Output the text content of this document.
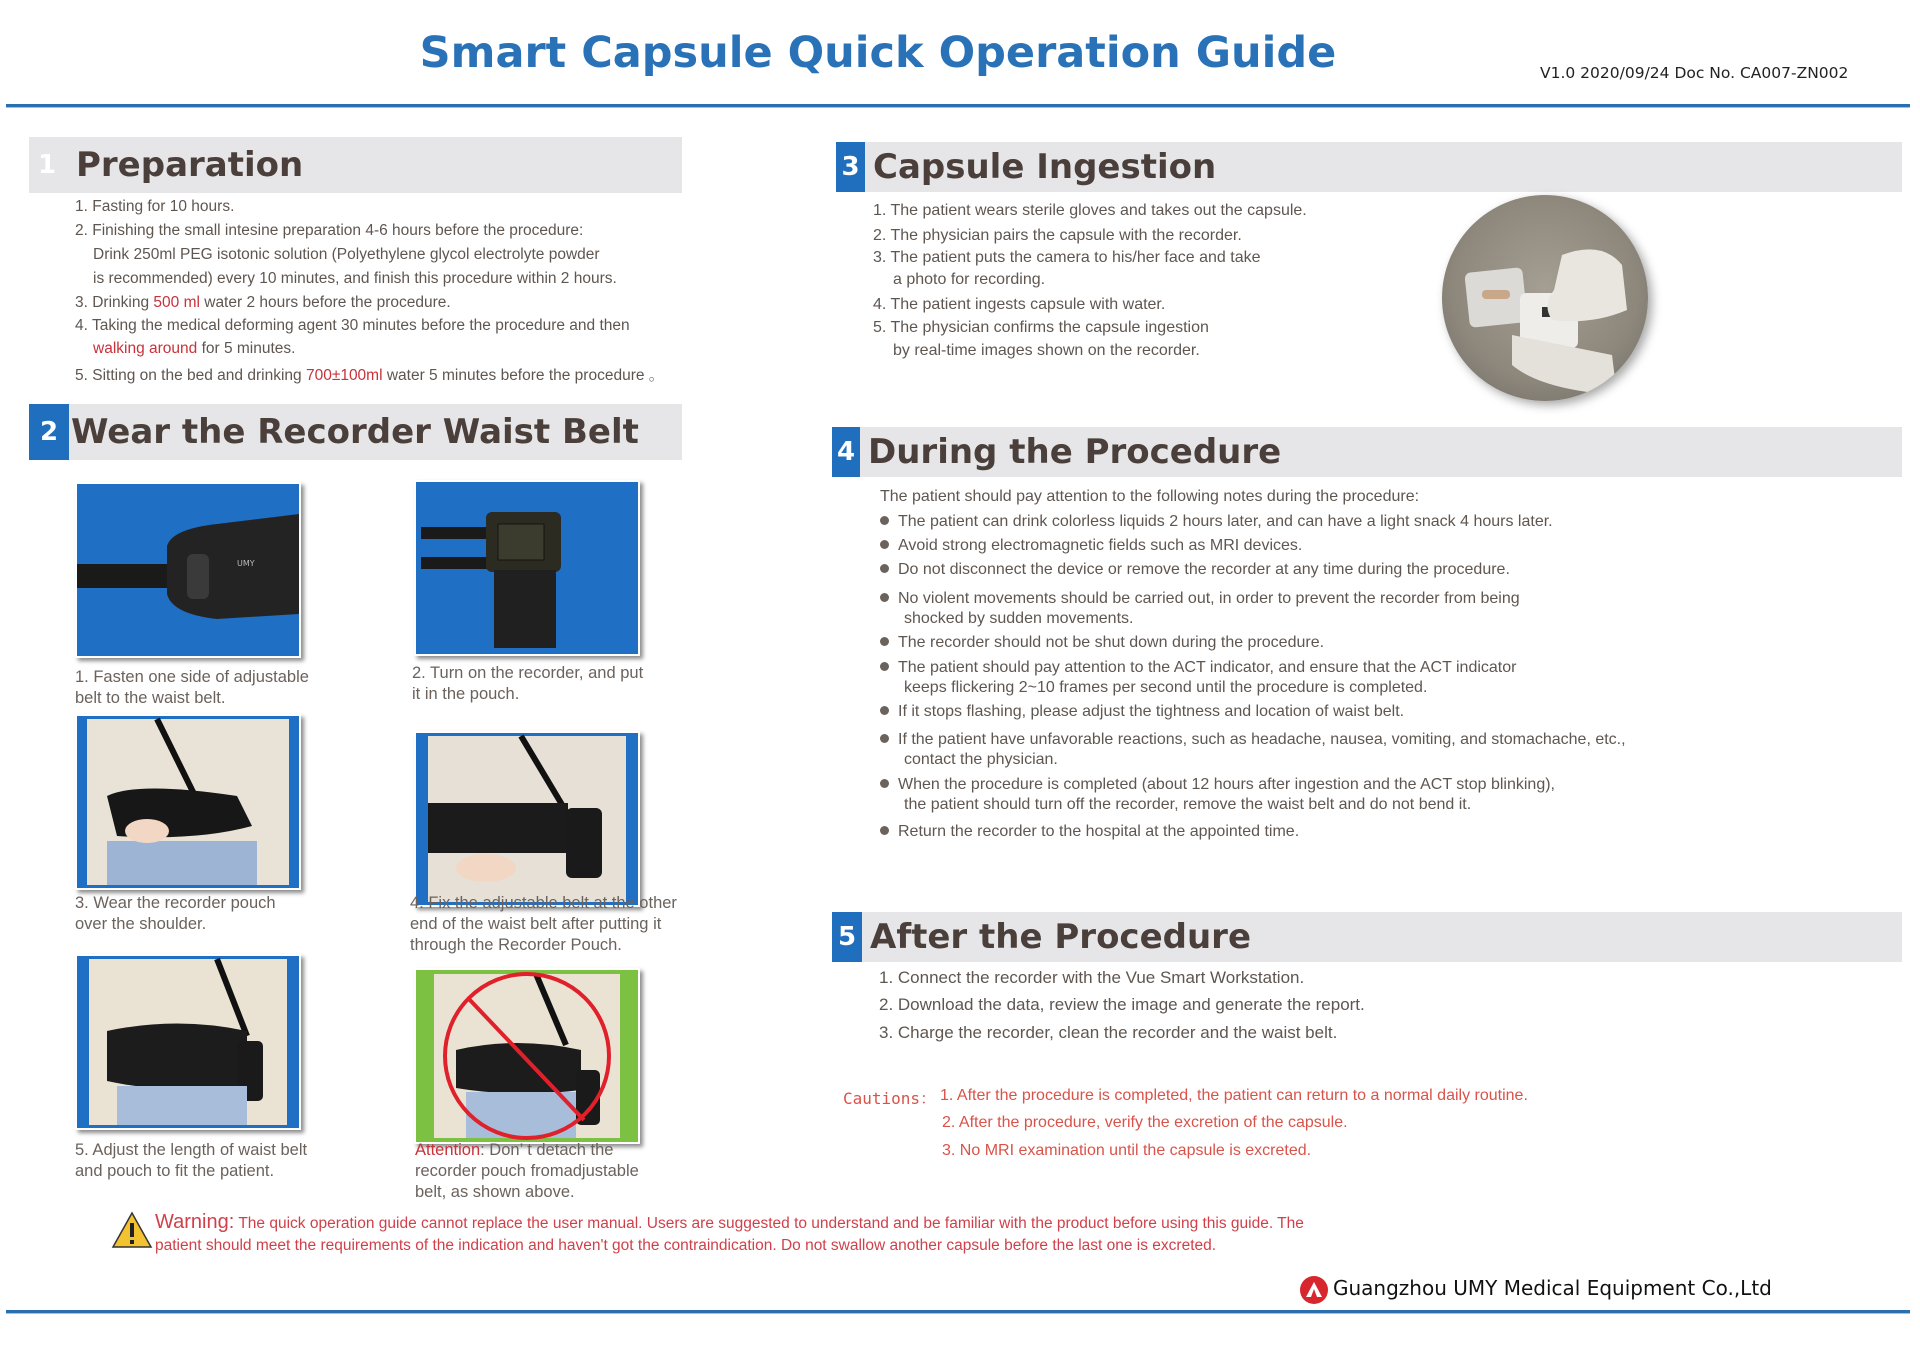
Smart Capsule Quick Operation Guide	V1.0 2020/09/24 Doc No. CA007-ZN002
1 Preparation
1. Fasting for 10 hours.
2. Finishing the small intesine preparation 4-6 hours before the procedure:
Drink 250ml PEG isotonic solution (Polyethylene glycol electrolyte powder
is recommended) every 10 minutes, and finish this procedure within 2 hours.
3. Drinking 500 ml water 2 hours before the procedure.
4. Taking the medical deforming agent 30 minutes before the procedure and then
walking around for 5 minutes.
5. Sitting on the bed and drinking 700±100ml water 5 minutes before the procedure 。
2 Wear the Recorder Waist Belt
UMY
1. Fasten one side of adjustable
belt to the waist belt.
2. Turn on the recorder, and put
it in the pouch.
3. Wear the recorder pouch
over the shoulder.
4. Fix the adjustable belt at the other
end of the waist belt after putting it
through the Recorder Pouch.
5. Adjust the length of waist belt
and pouch to fit the patient.
Attention: Don’ t detach the
recorder pouch fromadjustable
belt, as shown above.
3 Capsule Ingestion
1. The patient wears sterile gloves and takes out the capsule.
2. The physician pairs the capsule with the recorder.
3. The patient puts the camera to his/her face and take
a photo for recording.
4. The patient ingests capsule with water.
5. The physician confirms the capsule ingestion
by real-time images shown on the recorder.
4 During the Procedure
The patient should pay attention to the following notes during the procedure:
The patient can drink colorless liquids 2 hours later, and can have a light snack 4 hours later.
Avoid strong electromagnetic fields such as MRI devices.
Do not disconnect the device or remove the recorder at any time during the procedure.
No violent movements should be carried out, in order to prevent the recorder from being
shocked by sudden movements.
The recorder should not be shut down during the procedure.
The patient should pay attention to the ACT indicator, and ensure that the ACT indicator
keeps flickering 2~10 frames per second until the procedure is completed.
If it stops flashing, please adjust the tightness and location of waist belt.
If the patient have unfavorable reactions, such as headache, nausea, vomiting, and stomachache, etc.,
contact the physician.
When the procedure is completed (about 12 hours after ingestion and the ACT stop blinking),
the patient should turn off the recorder, remove the waist belt and do not bend it.
Return the recorder to the hospital at the appointed time.
5 After the Procedure
1. Connect the recorder with the Vue Smart Workstation.
2. Download the data, review the image and generate the report.
3. Charge the recorder, clean the recorder and the waist belt.
Cautions： 1. After the procedure is completed, the patient can return to a normal daily routine.
2. After the procedure, verify the excretion of the capsule.
3. No MRI examination until the capsule is excreted.
Warning: The quick operation guide cannot replace the user manual. Users are suggested to understand and be familiar with the product before using this guide. The
patient should meet the requirements of the indication and haven't got the contraindication. Do not swallow another capsule before the last one is excreted.
Guangzhou UMY Medical Equipment Co.,Ltd
